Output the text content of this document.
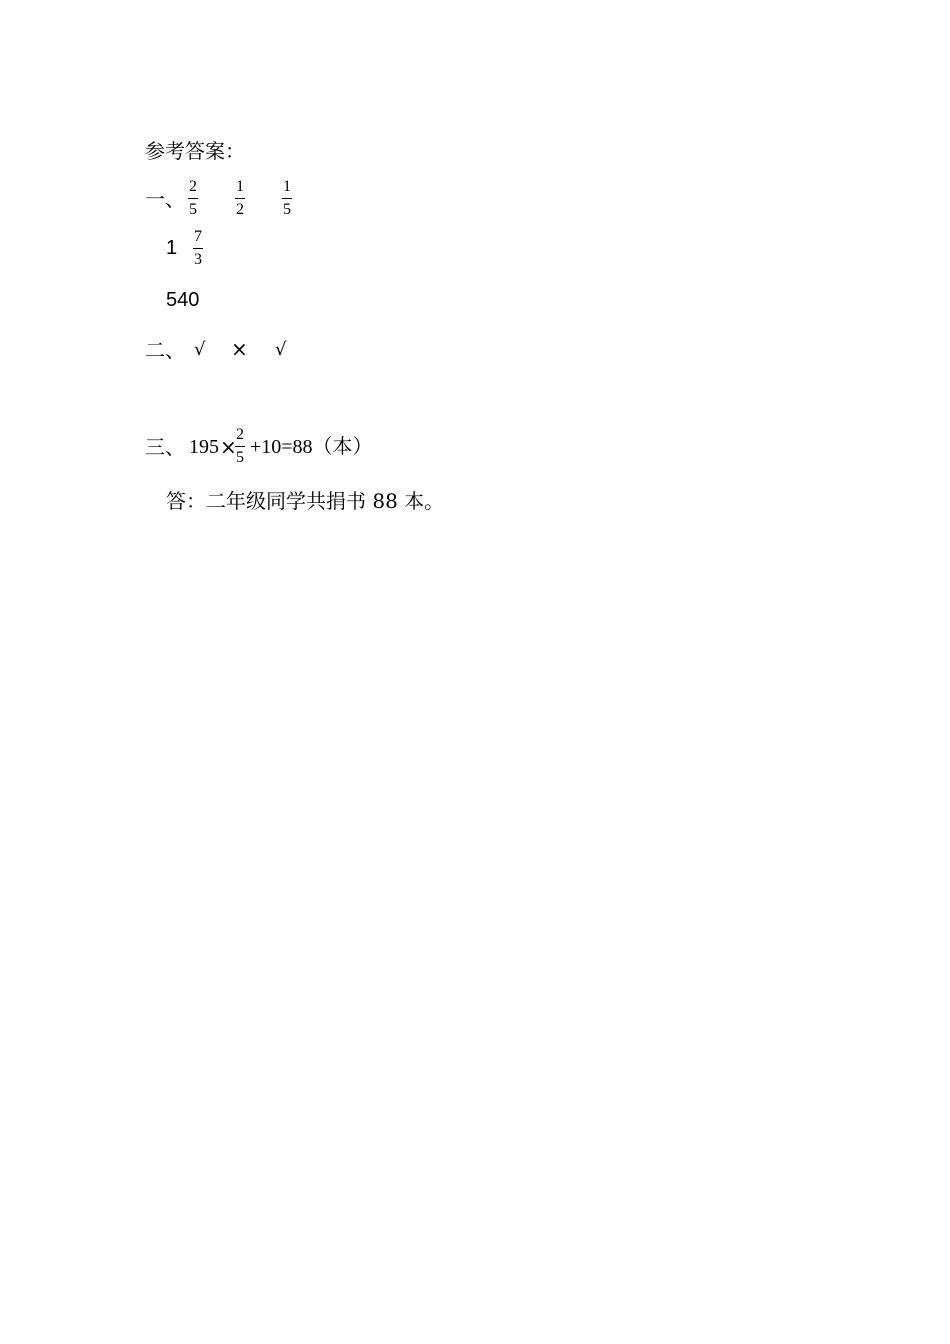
参考答案：
一、 $\frac{2}{5} \frac{1}{2} \frac{1}{5}$
$1 \frac{7}{3}$
540
二、 √ × √
三、 195 ×
$\frac{2}{5} +10=88$（本）
答：二年级同学共捐书 88 本。
